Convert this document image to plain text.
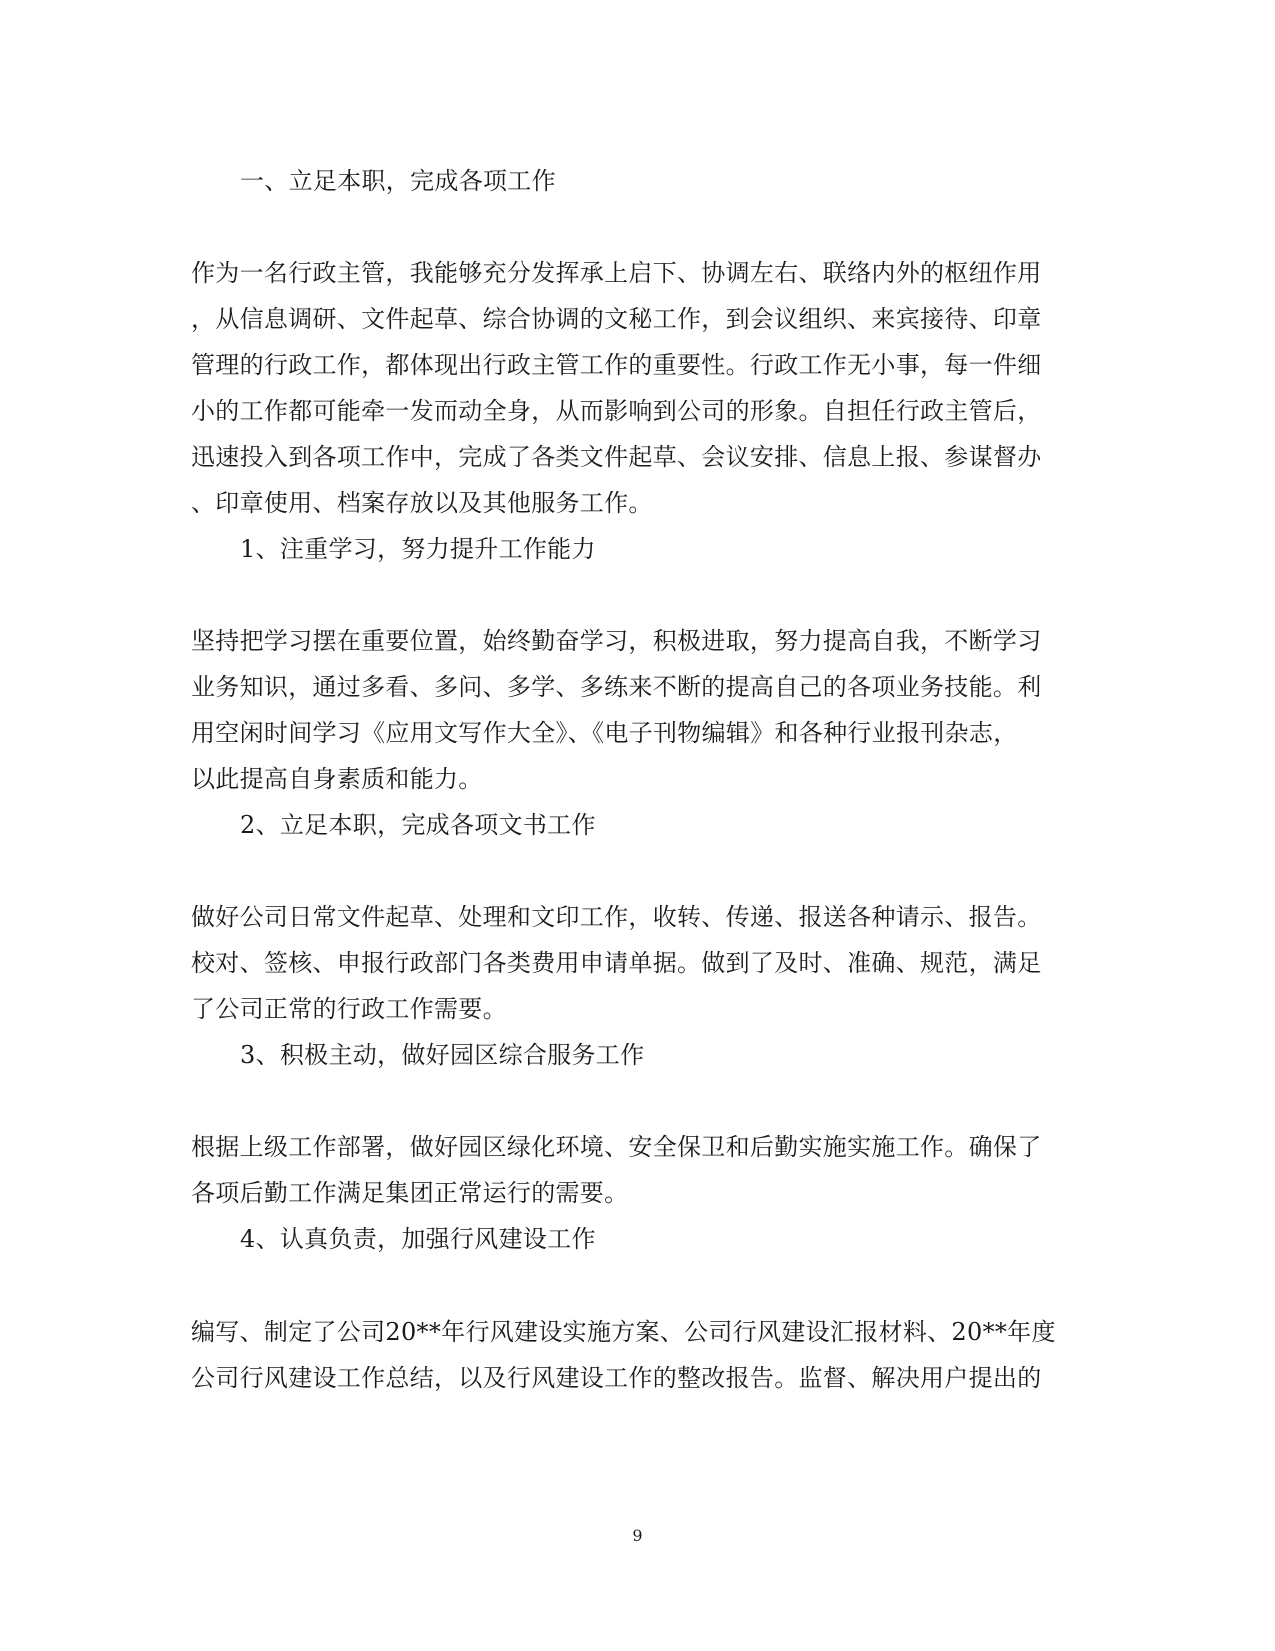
一、立足本职，完成各项工作
作为一名行政主管，我能够充分发挥承上启下、协调左右、联络内外的枢纽作用
，从信息调研、文件起草、综合协调的文秘工作，到会议组织、来宾接待、印章
管理的行政工作，都体现出行政主管工作的重要性。行政工作无小事，每一件细
小的工作都可能牵一发而动全身，从而影响到公司的形象。自担任行政主管后，
迅速投入到各项工作中，完成了各类文件起草、会议安排、信息上报、参谋督办
、印章使用、档案存放以及其他服务工作。
1、注重学习，努力提升工作能力
坚持把学习摆在重要位置，始终勤奋学习，积极进取，努力提高自我，不断学习
业务知识，通过多看、多问、多学、多练来不断的提高自己的各项业务技能。利
用空闲时间学习《应用文写作大全》、《电子刊物编辑》和各种行业报刊杂志，
以此提高自身素质和能力。
2、立足本职，完成各项文书工作
做好公司日常文件起草、处理和文印工作，收转、传递、报送各种请示、报告。
校对、签核、申报行政部门各类费用申请单据。做到了及时、准确、规范，满足
了公司正常的行政工作需要。
3、积极主动，做好园区综合服务工作
根据上级工作部署，做好园区绿化环境、安全保卫和后勤实施实施工作。确保了
各项后勤工作满足集团正常运行的需要。
4、认真负责，加强行风建设工作
编写、制定了公司20**年行风建设实施方案、公司行风建设汇报材料、20**年度
公司行风建设工作总结，以及行风建设工作的整改报告。监督、解决用户提出的
9
